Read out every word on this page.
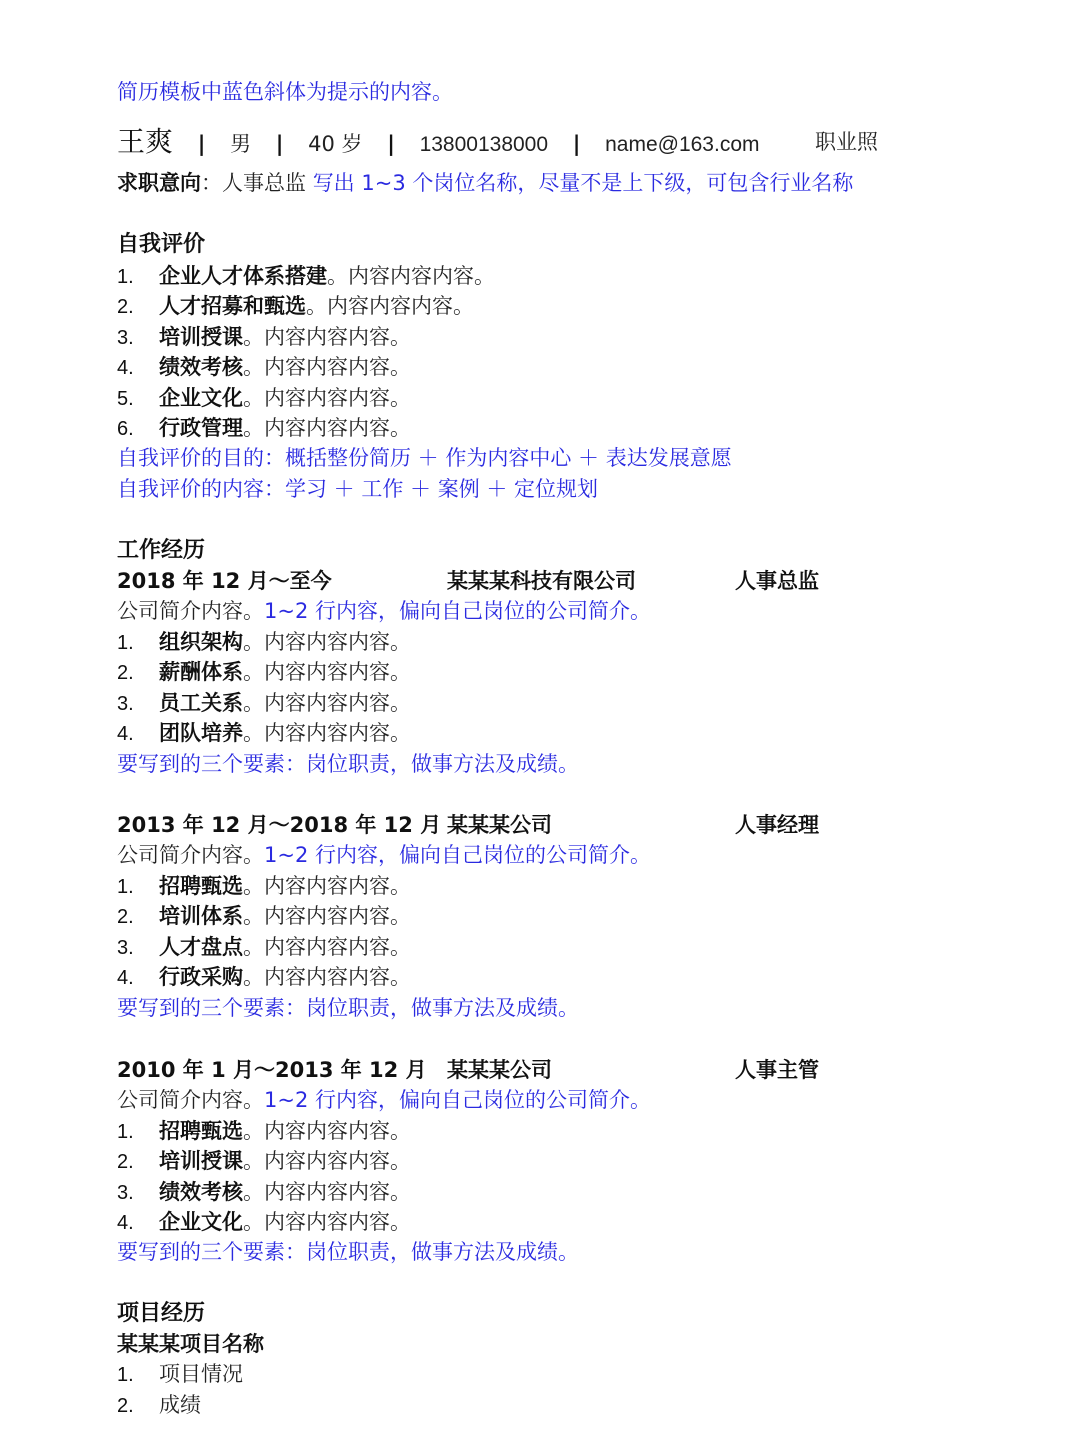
简历模板中蓝色斜体为提示的内容。
王爽 | 男 | 40 岁 | 13800138000 | name@163.com	职业照
求职意向：人事总监 写出 1~3 个岗位名称，尽量不是上下级，可包含行业名称
自我评价
1. 企业人才体系搭建。内容内容内容。
2. 人才招募和甄选。内容内容内容。
3. 培训授课。内容内容内容。
4. 绩效考核。内容内容内容。
5. 企业文化。内容内容内容。
6. 行政管理。内容内容内容。
自我评价的目的：概括整份简历 ＋ 作为内容中心 ＋ 表达发展意愿
自我评价的内容：学习 ＋ 工作 ＋ 案例 ＋ 定位规划
工作经历
2018 年 12 月～至今	某某某科技有限公司	人事总监
公司简介内容。1~2 行内容，偏向自己岗位的公司简介。
1. 组织架构。内容内容内容。
2. 薪酬体系。内容内容内容。
3. 员工关系。内容内容内容。
4. 团队培养。内容内容内容。
要写到的三个要素：岗位职责，做事方法及成绩。
2013 年 12 月～2018 年 12 月 某某某公司	人事经理
公司简介内容。1~2 行内容，偏向自己岗位的公司简介。
1. 招聘甄选。内容内容内容。
2. 培训体系。内容内容内容。
3. 人才盘点。内容内容内容。
4. 行政采购。内容内容内容。
要写到的三个要素：岗位职责，做事方法及成绩。
2010 年 1 月～2013 年 12 月 某某某公司	人事主管
公司简介内容。1~2 行内容，偏向自己岗位的公司简介。
1. 招聘甄选。内容内容内容。
2. 培训授课。内容内容内容。
3. 绩效考核。内容内容内容。
4. 企业文化。内容内容内容。
要写到的三个要素：岗位职责，做事方法及成绩。
项目经历
某某某项目名称
1. 项目情况
2. 成绩
